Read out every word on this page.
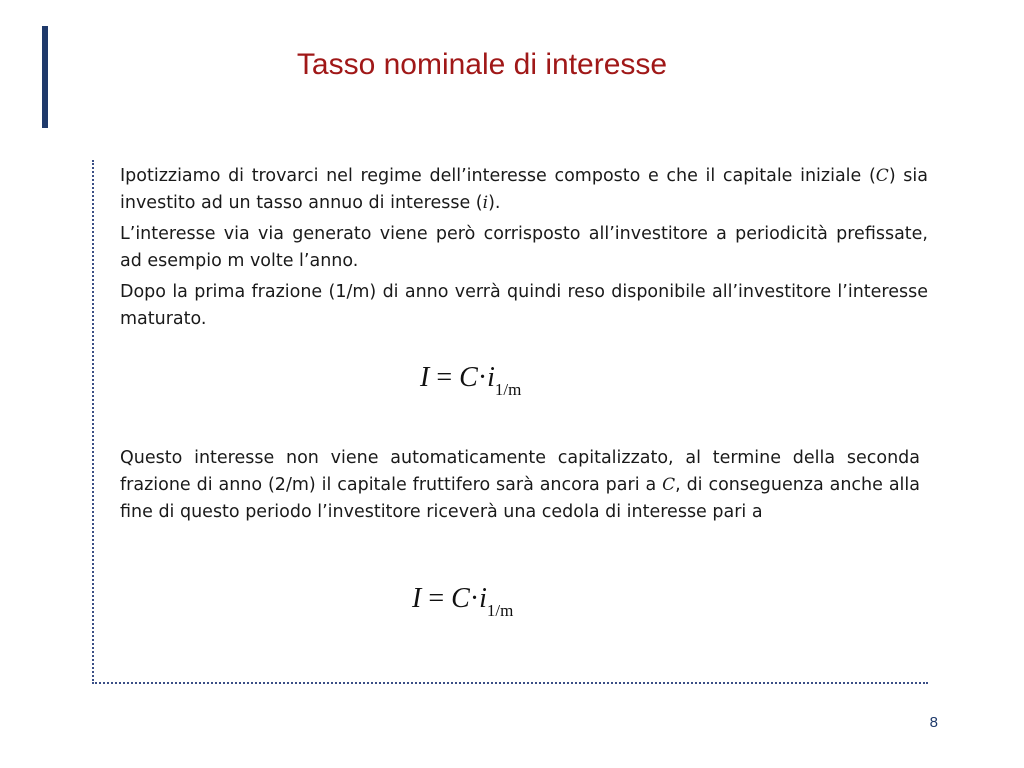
Tasso nominale di interesse

Ipotizziamo di trovarci nel regime dell’interesse composto e che il capitale iniziale (C) sia investito ad un tasso annuo di interesse (i).

L’interesse via via generato viene però corrisposto all’investitore a periodicità prefissate, ad esempio m volte l’anno.

Dopo la prima frazione (1/m) di anno verrà quindi reso disponibile all’investitore l’interesse maturato.

$I = C\cdot i_{1/m}$

Questo interesse non viene automaticamente capitalizzato, al termine della seconda frazione di anno (2/m) il capitale fruttifero sarà ancora pari a C, di conseguenza anche alla fine di questo periodo l’investitore riceverà una cedola di interesse pari a

$I = C\cdot i_{1/m}$
8
